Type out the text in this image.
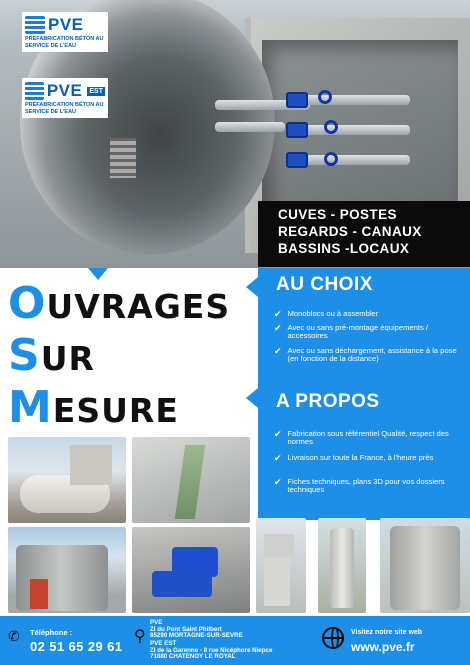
PVE
PRÉFABRICATION BÉTON AU SERVICE DE L'EAU
PVE EST
PRÉFABRICATION BÉTON AU SERVICE DE L'EAU
CUVES - POSTES
REGARDS - CANAUX
BASSINS -LOCAUX
OUVRAGES
SUR
MESURE
AU CHOIX
✔ Monoblocs ou à assembler
✔ Avec ou sans pré-montage équipements / accessoires
✔ Avec ou sans déchargement, assistance à la pose (en fonction de la distance)
A PROPOS
✔ Fabrication sous référentiel Qualité, respect des normes
✔ Livraison sur toute la France, à l'heure près
✔ Fiches techniques, plans 3D pour vos dossiers techniques
✆ Téléphone :
02 51 65 29 61
⚲
PVE
ZI du Pont Saint Philbert
85290 MORTAGNE-SUR-SEVRE
PVE EST
ZI de la Garenne - 8 rue Nicéphore Niepce
71880 CHATENOY LE ROYAL
Visitez notre site web
www.pve.fr
